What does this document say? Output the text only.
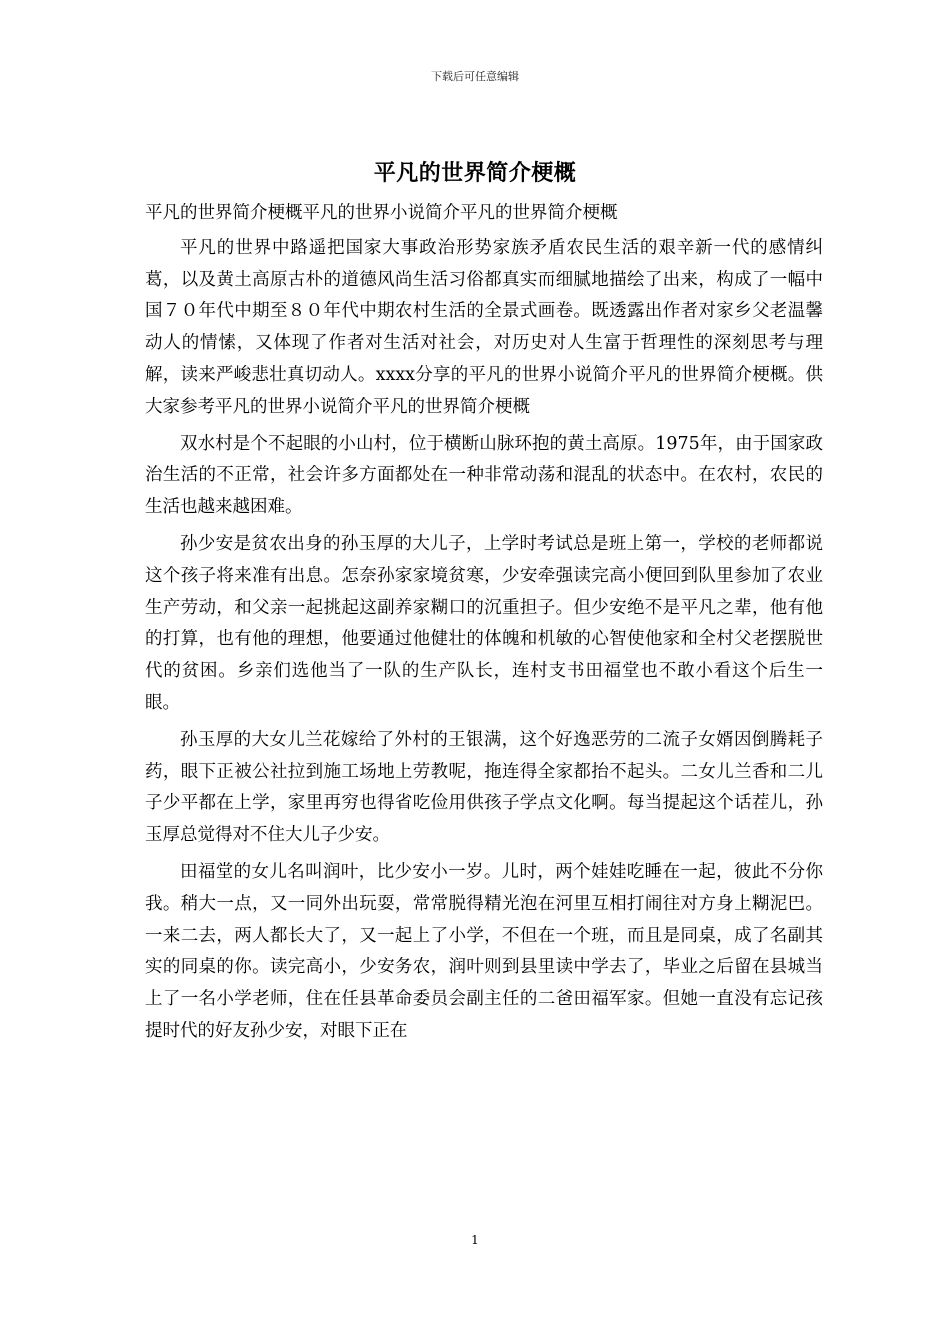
下载后可任意编辑
平凡的世界简介梗概

平凡的世界简介梗概平凡的世界小说简介平凡的世界简介梗概

平凡的世界中路遥把国家大事政治形势家族矛盾农民生活的艰辛新一代的感情纠葛，以及黄土高原古朴的道德风尚生活习俗都真实而细腻地描绘了出来，构成了一幅中国７０年代中期至８０年代中期农村生活的全景式画卷。既透露出作者对家乡父老温馨动人的情愫，又体现了作者对生活对社会，对历史对人生富于哲理性的深刻思考与理解，读来严峻悲壮真切动人。xxxx分享的平凡的世界小说简介平凡的世界简介梗概。供大家参考平凡的世界小说简介平凡的世界简介梗概

双水村是个不起眼的小山村，位于横断山脉环抱的黄土高原。1975年，由于国家政治生活的不正常，社会许多方面都处在一种非常动荡和混乱的状态中。在农村，农民的生活也越来越困难。

孙少安是贫农出身的孙玉厚的大儿子，上学时考试总是班上第一，学校的老师都说这个孩子将来准有出息。怎奈孙家家境贫寒，少安牵强读完高小便回到队里参加了农业生产劳动，和父亲一起挑起这副养家糊口的沉重担子。但少安绝不是平凡之辈，他有他的打算，也有他的理想，他要通过他健壮的体魄和机敏的心智使他家和全村父老摆脱世代的贫困。乡亲们选他当了一队的生产队长，连村支书田福堂也不敢小看这个后生一眼。

孙玉厚的大女儿兰花嫁给了外村的王银满，这个好逸恶劳的二流子女婿因倒腾耗子药，眼下正被公社拉到施工场地上劳教呢，拖连得全家都抬不起头。二女儿兰香和二儿子少平都在上学，家里再穷也得省吃俭用供孩子学点文化啊。每当提起这个话茬儿，孙玉厚总觉得对不住大儿子少安。

田福堂的女儿名叫润叶，比少安小一岁。儿时，两个娃娃吃睡在一起，彼此不分你我。稍大一点，又一同外出玩耍，常常脱得精光泡在河里互相打闹往对方身上糊泥巴。一来二去，两人都长大了，又一起上了小学，不但在一个班，而且是同桌，成了名副其实的同桌的你。读完高小，少安务农，润叶则到县里读中学去了，毕业之后留在县城当上了一名小学老师，住在任县革命委员会副主任的二爸田福军家。但她一直没有忘记孩提时代的好友孙少安，对眼下正在

1
